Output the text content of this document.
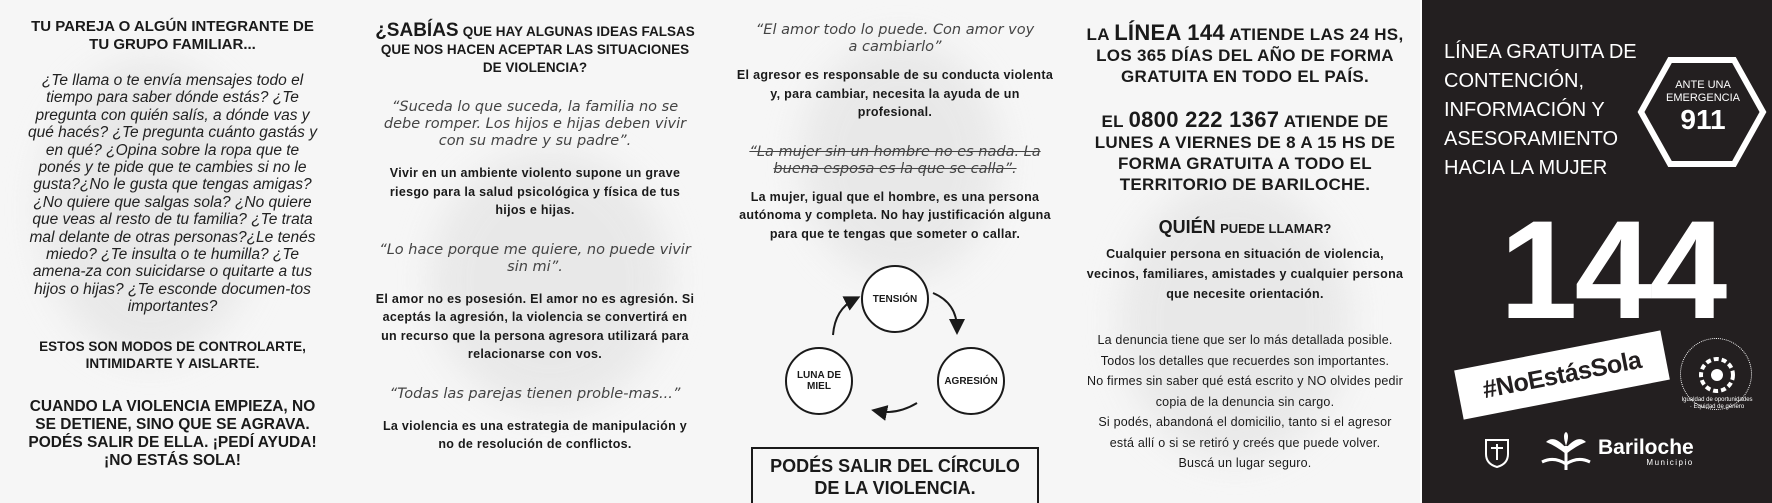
TU PAREJA O ALGÚN INTEGRANTE DE TU GRUPO FAMILIAR...

¿Te llama o te envía mensajes todo el tiempo para saber dónde estás? ¿Te pregunta con quién salís, a dónde vas y qué hacés? ¿Te pregunta cuánto gastás y en qué? ¿Opina sobre la ropa que te ponés y te pide que te cambies si no le gusta?¿No le gusta que tengas amigas? ¿No quiere que salgas sola? ¿No quiere que veas al resto de tu familia? ¿Te trata mal delante de otras personas?¿Le tenés miedo? ¿Te insulta o te humilla? ¿Te amena-za con suicidarse o quitarte a tus hijos o hijas? ¿Te esconde documen-tos importantes?

ESTOS SON MODOS DE CONTROLARTE, INTIMIDARTE Y AISLARTE.
CUANDO LA VIOLENCIA EMPIEZA, NO SE DETIENE, SINO QUE SE AGRAVA. PODÉS SALIR DE ELLA. ¡PEDÍ AYUDA! ¡NO ESTÁS SOLA!
¿SABÍAS QUE HAY ALGUNAS IDEAS FALSAS QUE NOS HACEN ACEPTAR LAS SITUACIONES DE VIOLENCIA?

“Suceda lo que suceda, la familia no se debe romper. Los hijos e hijas deben vivir con su madre y su padre”.

Vivir en un ambiente violento supone un grave riesgo para la salud psicológica y física de tus hijos e hijas.

“Lo hace porque me quiere, no puede vivir sin mi”.

El amor no es posesión. El amor no es agresión. Si aceptás la agresión, la violencia se convertirá en un recurso que la persona agresora utilizará para relacionarse con vos.

“Todas las parejas tienen proble-mas...”

La violencia es una estrategia de manipulación y no de resolución de conflictos.

“El amor todo lo puede. Con amor voy a cambiarlo”

El agresor es responsable de su conducta violenta y, para cambiar, necesita la ayuda de un profesional.

“La mujer sin un hombre no es nada. La buena esposa es la que se calla”.

La mujer, igual que el hombre, es una persona autónoma y completa. No hay justificación alguna para que te tengas que someter o callar.

TENSIÓN
AGRESIÓN
LUNA DE MIEL
PODÉS SALIR DEL CÍRCULO
DE LA VIOLENCIA.
LA LÍNEA 144 ATIENDE LAS 24 HS, LOS 365 DÍAS DEL AÑO DE FORMA GRATUITA EN TODO EL PAÍS.
EL 0800 222 1367 ATIENDE DE LUNES A VIERNES DE 8 A 15 HS DE FORMA GRATUITA A TODO EL TERRITORIO DE BARILOCHE.
QUIÉN PUEDE LLAMAR?

Cualquier persona en situación de violencia, vecinos, familiares, amistades y cualquier persona que necesite orientación.

La denuncia tiene que ser lo más detallada posible.

Todos los detalles que recuerdes son importantes.

No firmes sin saber qué está escrito y NO olvides pedir copia de la denuncia sin cargo.

Si podés, abandoná el domicilio, tanto si el agresor está allí o si se retiró y creés que puede volver.

Buscá un lugar seguro.

LÍNEA GRATUITA DE CONTENCIÓN, INFORMACIÓN Y ASESORAMIENTO HACIA LA MUJER
ANTE UNA EMERGENCIA
911
144
#NoEstásSola	Igualdad de oportunidades · Equidad de género
Bariloche
Municipio
